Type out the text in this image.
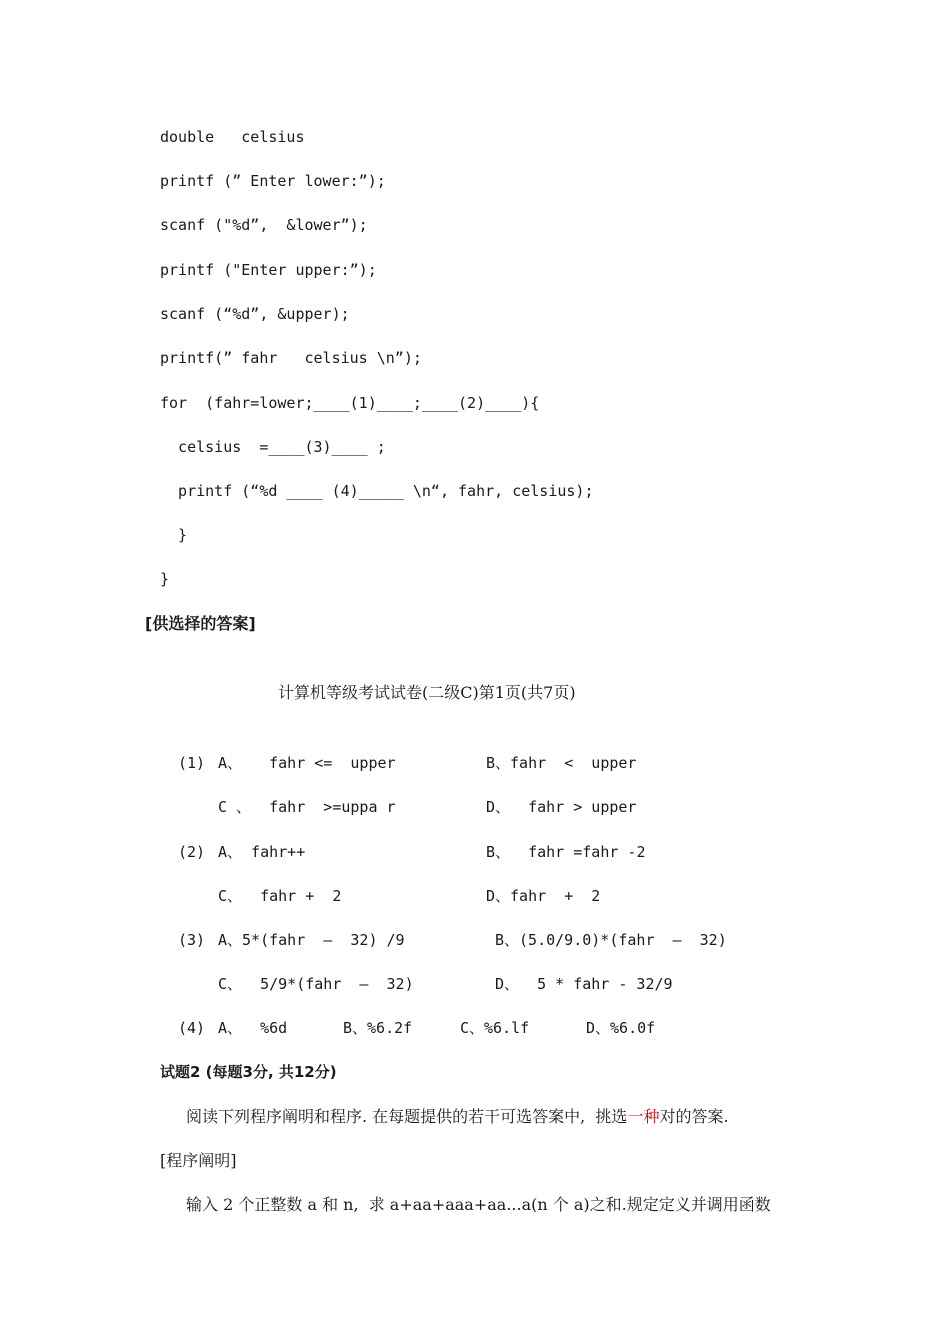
double   celsius
printf (” Enter lower:”);
scanf ("%d”,  &lower”);
printf ("Enter upper:”);
scanf (“%d”, &upper);
printf(” fahr   celsius \n”);
for  (fahr=lower;____(1)____;____(2)____){
celsius  =____(3)____ ;
printf (“%d ____ (4)_____ \n“, fahr, celsius);
}
}
[供选择的答案]
计算机等级考试试卷(二级C)第1页(共7页)
(1) A、   fahr <=  upper	B、fahr  <  upper
C 、  fahr  >=uppa r	D、  fahr > upper
(2) A、 fahr++	B、  fahr =fahr -2
C、  fahr +  2	D、fahr  +  2
(3) A、5*(fahr  –  32) /9	B、(5.0/9.0)*(fahr  –  32)
C、  5/9*(fahr  –  32)	D、  5 * fahr - 32/9
(4) A、  %6d	B、%6.2f	C、%6.lf	D、%6.0f
试题2 (每题3分, 共12分)
阅读下列程序阐明和程序. 在每题提供的若干可选答案中,  挑选一种对的答案.
[程序阐明]
输入 2 个正整数 a 和 n,  求 a+aa+aaa+aa...a(n 个 a)之和.规定定义并调用函数
